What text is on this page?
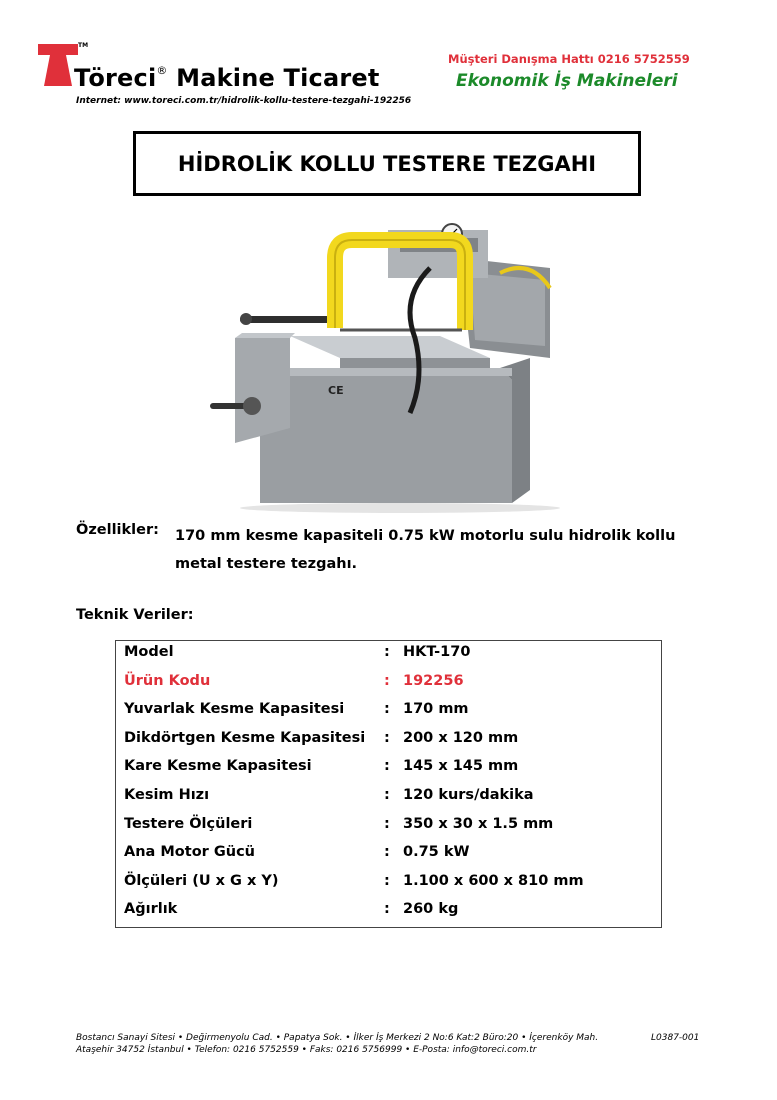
TM
Töreci® Makine Ticaret
Internet: www.toreci.com.tr/hidrolik-kollu-testere-tezgahi-192256
Müşteri Danışma Hattı 0216 5752559
Ekonomik İş Makineleri
HİDROLİK KOLLU TESTERE TEZGAHI
CE
Özellikler: 170 mm kesme kapasiteli 0.75 kW motorlu sulu hidrolik kollu metal testere tezgahı.

Teknik Veriler:
Model	: HKT-170
Ürün Kodu	: 192256
Yuvarlak Kesme Kapasitesi	: 170 mm
Dikdörtgen Kesme Kapasitesi : 200 x 120 mm
Kare Kesme Kapasitesi	: 145 x 145 mm
Kesim Hızı	: 120 kurs/dakika
Testere Ölçüleri	: 350 x 30 x 1.5 mm
Ana Motor Gücü	: 0.75 kW
Ölçüleri (U x G x Y)	: 1.100 x 600 x 810 mm
Ağırlık	: 260 kg
Bostancı Sanayi Sitesi • Değirmenyolu Cad. • Papatya Sok. • İlker İş Merkezi 2 No:6 Kat:2 Büro:20 • İçerenköy Mah.
Ataşehir 34752 İstanbul • Telefon: 0216 5752559 • Faks: 0216 5756999 • E-Posta: info@toreci.com.tr
L0387-001
